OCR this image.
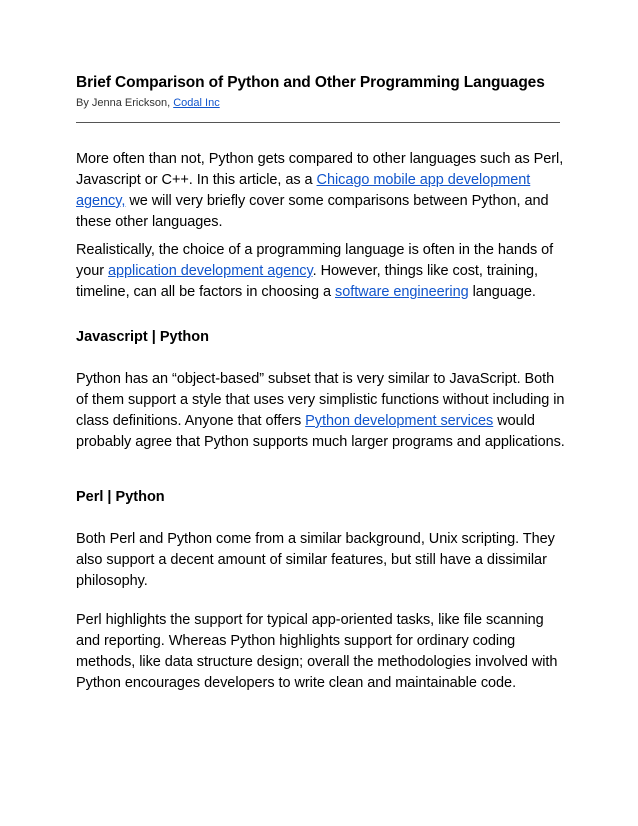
Brief Comparison of Python and Other Programming Languages
By Jenna Erickson, Codal Inc
More often than not, Python gets compared to other languages such as Perl, Javascript or C++. In this article, as a Chicago mobile app development agency, we will very briefly cover some comparisons between Python, and these other languages.
Realistically, the choice of a programming language is often in the hands of your application development agency. However, things like cost, training, timeline, can all be factors in choosing a software engineering language.
Javascript | Python
Python has an “object-based” subset that is very similar to JavaScript. Both of them support a style that uses very simplistic functions without including in class definitions. Anyone that offers Python development services would probably agree that Python supports much larger programs and applications.
Perl | Python
Both Perl and Python come from a similar background, Unix scripting. They also support a decent amount of similar features, but still have a dissimilar philosophy.
Perl highlights the support for typical app-oriented tasks, like file scanning and reporting. Whereas Python highlights support for ordinary coding methods, like data structure design; overall the methodologies involved with Python encourages developers to write clean and maintainable code.
